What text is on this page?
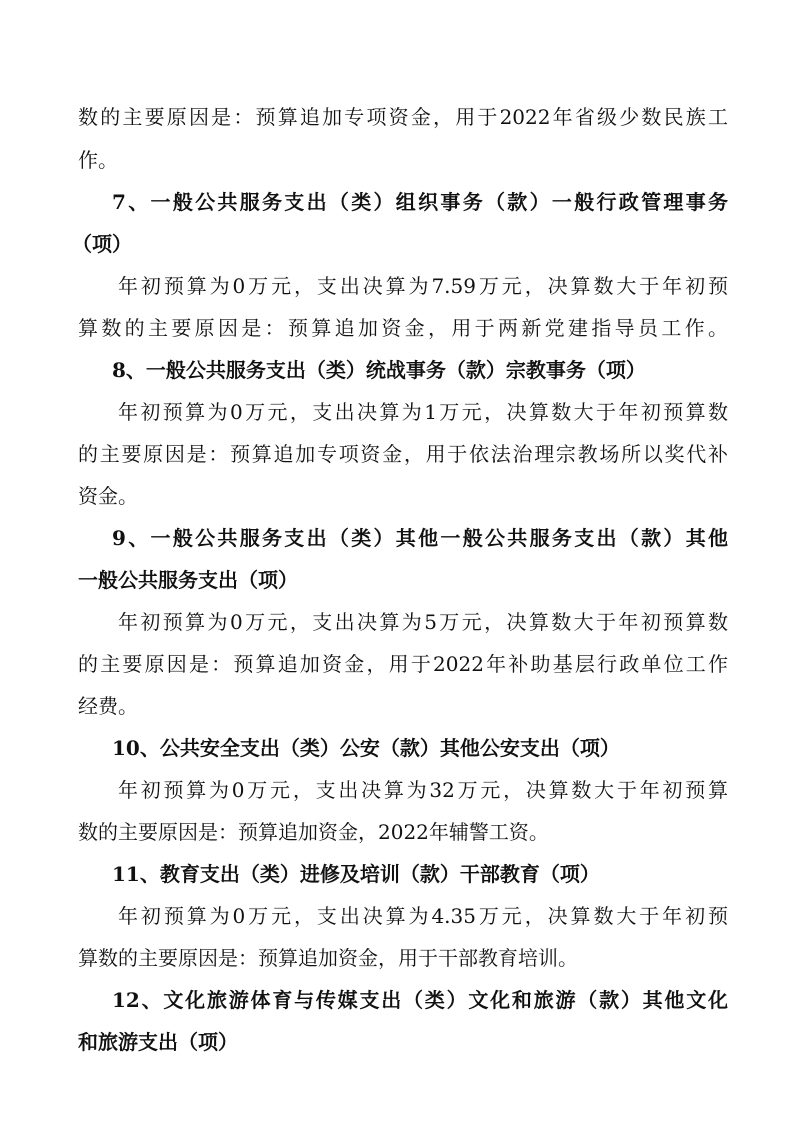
数的主要原因是：预算追加专项资金，用于2022年省级少数民族工
作。
7、一般公共服务支出（类）组织事务（款）一般行政管理事务
（项）
年初预算为0万元，支出决算为7.59万元，决算数大于年初预
算数的主要原因是：预算追加资金，用于两新党建指导员工作。
8、一般公共服务支出（类）统战事务（款）宗教事务（项）
年初预算为0万元，支出决算为1万元，决算数大于年初预算数
的主要原因是：预算追加专项资金，用于依法治理宗教场所以奖代补
资金。
9、一般公共服务支出（类）其他一般公共服务支出（款）其他
一般公共服务支出（项）
年初预算为0万元，支出决算为5万元，决算数大于年初预算数
的主要原因是：预算追加资金，用于2022年补助基层行政单位工作
经费。
10、公共安全支出（类）公安（款）其他公安支出（项）
年初预算为0万元，支出决算为32万元，决算数大于年初预算
数的主要原因是：预算追加资金，2022年辅警工资。
11、教育支出（类）进修及培训（款）干部教育（项）
年初预算为0万元，支出决算为4.35万元，决算数大于年初预
算数的主要原因是：预算追加资金，用于干部教育培训。
12、文化旅游体育与传媒支出（类）文化和旅游（款）其他文化
和旅游支出（项）
